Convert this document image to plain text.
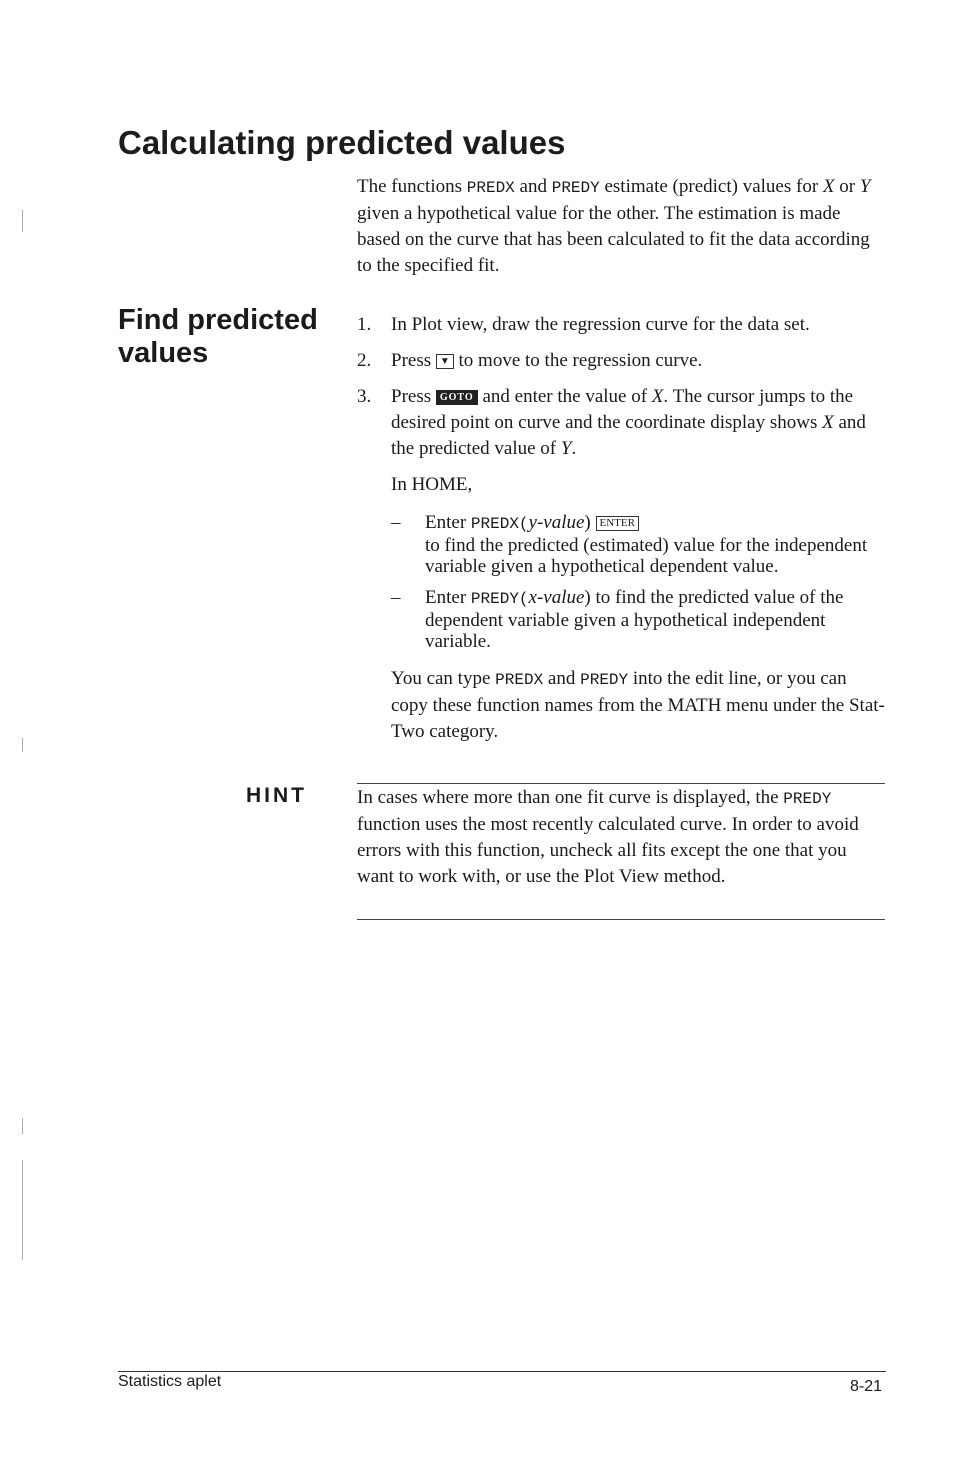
Calculating predicted values

The functions PREDX and PREDY estimate (predict) values for X or Y given a hypothetical value for the other. The estimation is made based on the curve that has been calculated to fit the data according to the specified fit.

Find predicted values
1. In Plot view, draw the regression curve for the data set.
2. Press ▼ to move to the regression curve.
3. Press GOTO and enter the value of X. The cursor jumps to the desired point on curve and the coordinate display shows X and the predicted value of Y.
In HOME,
– Enter PREDX(y-value) ENTER
to find the predicted (estimated) value for the independent variable given a hypothetical dependent value.
– Enter PREDY(x-value) to find the predicted value of the dependent variable given a hypothetical independent variable.
You can type PREDX and PREDY into the edit line, or you can copy these function names from the MATH menu under the Stat-Two category.
HINT	In cases where more than one fit curve is displayed, the PREDY function uses the most recently calculated curve. In order to avoid errors with this function, uncheck all fits except the one that you want to work with, or use the Plot View method.

Statistics aplet	8-21
